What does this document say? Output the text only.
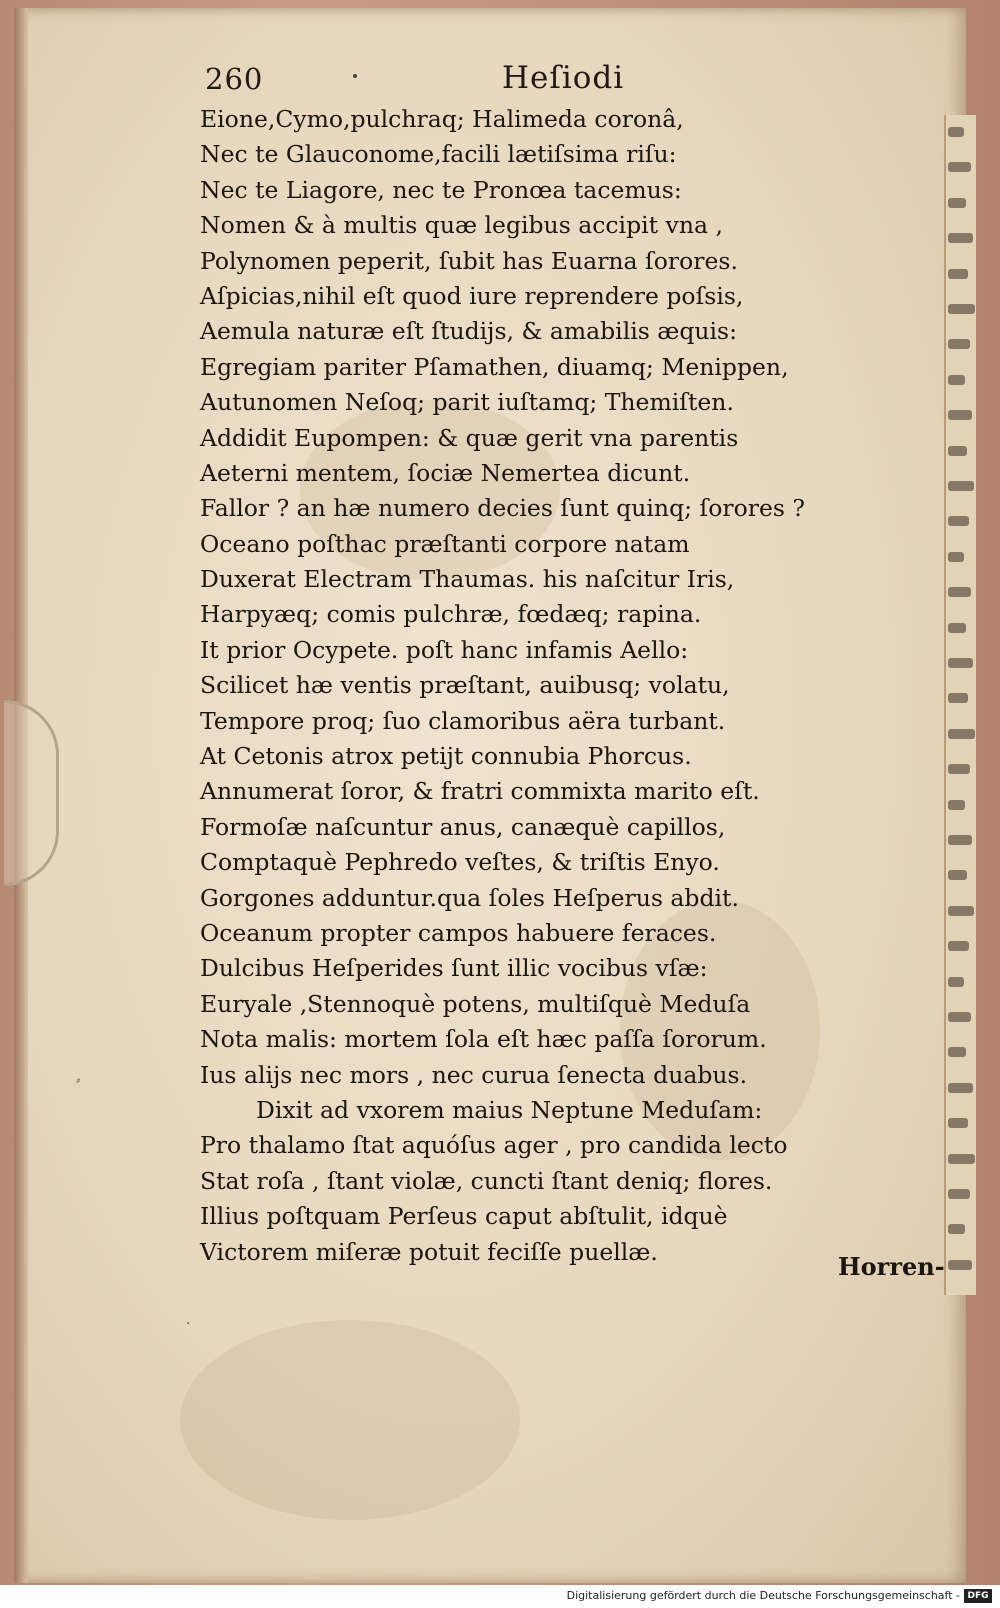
260	Heſiodi
Eione,Cymo,pulchraq; Halimeda coronâ,
Nec te Glauconome,facili lætiſsima riſu:
Nec te Liagore, nec te Pronœa tacemus:
Nomen & à multis quæ legibus accipit vna ,
Polynomen peperit, ſubit has Euarna ſorores.
Aſpicias,nihil eſt quod iure reprendere poſsis,
Aemula naturæ eſt ſtudijs, & amabilis æquis:
Egregiam pariter Pſamathen, diuamq; Menippen,
Autunomen Neſoq; parit iuſtamq; Themiſten.
Addidit Eupompen: & quæ gerit vna parentis
Aeterni mentem, ſociæ Nemertea dicunt.
Fallor ? an hæ numero decies ſunt quinq; ſorores ?
Oceano poſthac præſtanti corpore natam
Duxerat Electram Thaumas. his naſcitur Iris,
Harpyæq; comis pulchræ, fœdæq; rapina.
It prior Ocypete. poſt hanc infamis Aello:
Scilicet hæ ventis præſtant, auibusq; volatu,
Tempore proq; ſuo clamoribus aëra turbant.
At Cetonis atrox petijt connubia Phorcus.
Annumerat ſoror, & fratri commixta marito eſt.
Formoſæ naſcuntur anus, canæquè capillos,
Comptaquè Pephredo veſtes, & triſtis Enyo.
Gorgones adduntur.qua ſoles Heſperus abdit.
Oceanum propter campos habuere feraces.
Dulcibus Heſperides ſunt illic vocibus vſæ:
Euryale ,Stennoquè potens, multiſquè Meduſa
Nota malis: mortem ſola eſt hæc paſſa ſororum.
Ius alijs nec mors , nec curua ſenecta duabus.
Dixit ad vxorem maius Neptune Meduſam:
Pro thalamo ſtat aquóſus ager , pro candida lecto
Stat roſa , ſtant violæ, cuncti ſtant deniq; flores.
Illius poſtquam Perſeus caput abſtulit, idquè
Victorem miſeræ potuit feciſſe puellæ.
⸗
·
Horren-
Digitalisierung gefördert durch die Deutsche Forschungsgemeinschaft - DFG
